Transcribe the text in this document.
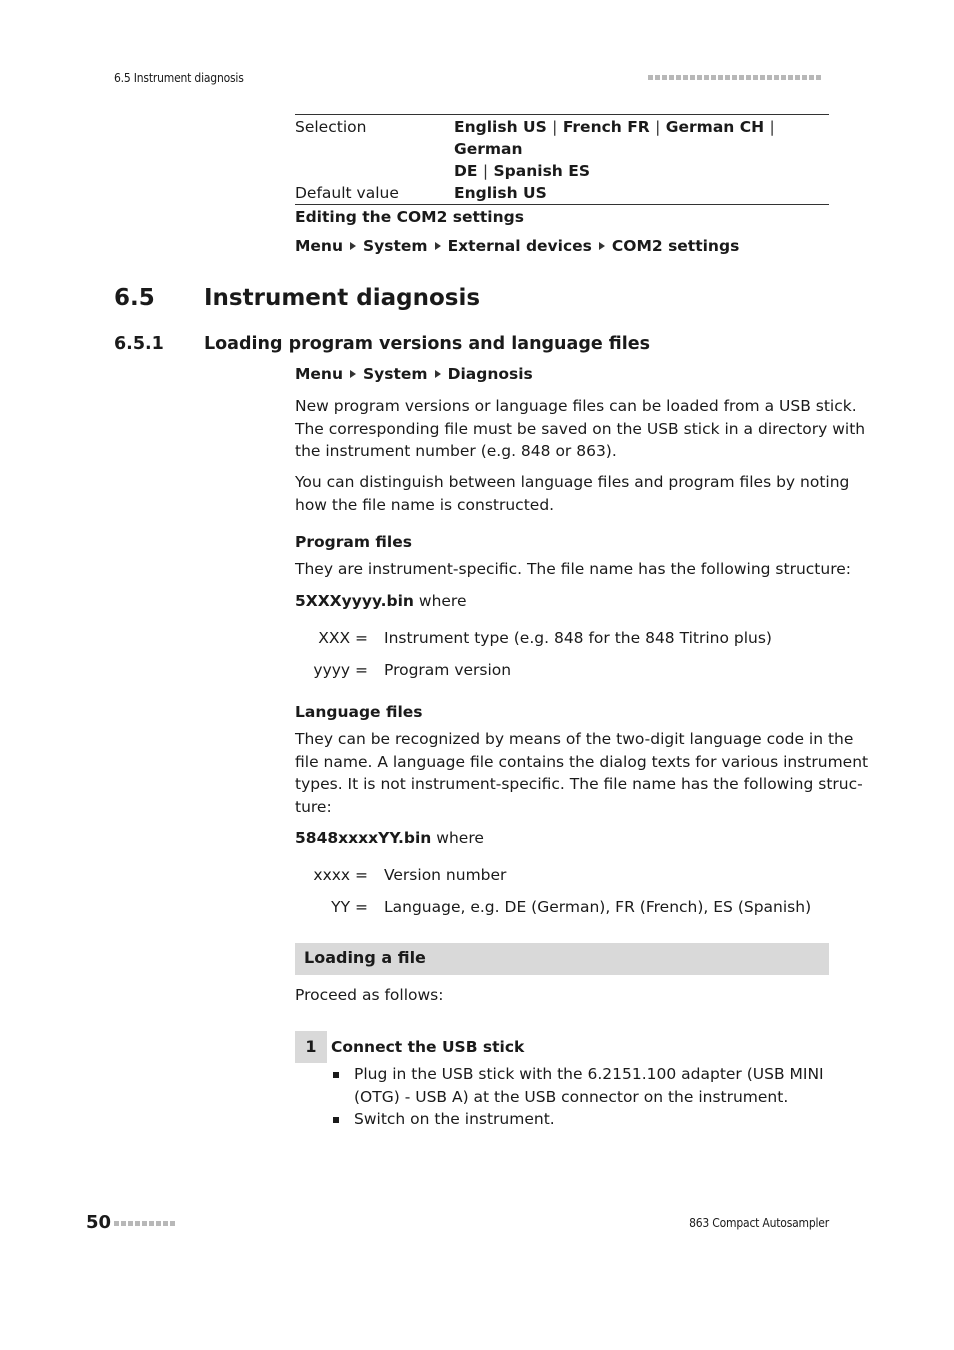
6.5 Instrument diagnosis
Selection	English US | French FR | German CH | German
DE | Spanish ES
Default value	English US
Editing the COM2 settings
Menu System External devices COM2 settings
6.5 Instrument diagnosis
6.5.1 Loading program versions and language files
Menu System Diagnosis
New program versions or language files can be loaded from a USB stick.
The corresponding file must be saved on the USB stick in a directory with
the instrument number (e.g. 848 or 863).
You can distinguish between language files and program files by noting
how the file name is constructed.
Program files
They are instrument-specific. The file name has the following structure:
5XXXyyyy.bin where
XXX =	Instrument type (e.g. 848 for the 848 Titrino plus)
yyyy =	Program version
Language files
They can be recognized by means of the two-digit language code in the
file name. A language file contains the dialog texts for various instrument
types. It is not instrument-specific. The file name has the following struc-
ture:
5848xxxxYY.bin where
xxxx =	Version number
YY =	Language, e.g. DE (German), FR (French), ES (Spanish)
Loading a file
Proceed as follows:
1 Connect the USB stick
Plug in the USB stick with the 6.2151.100 adapter (USB MINI
(OTG) - USB A) at the USB connector on the instrument.
Switch on the instrument.
50	863 Compact Autosampler
